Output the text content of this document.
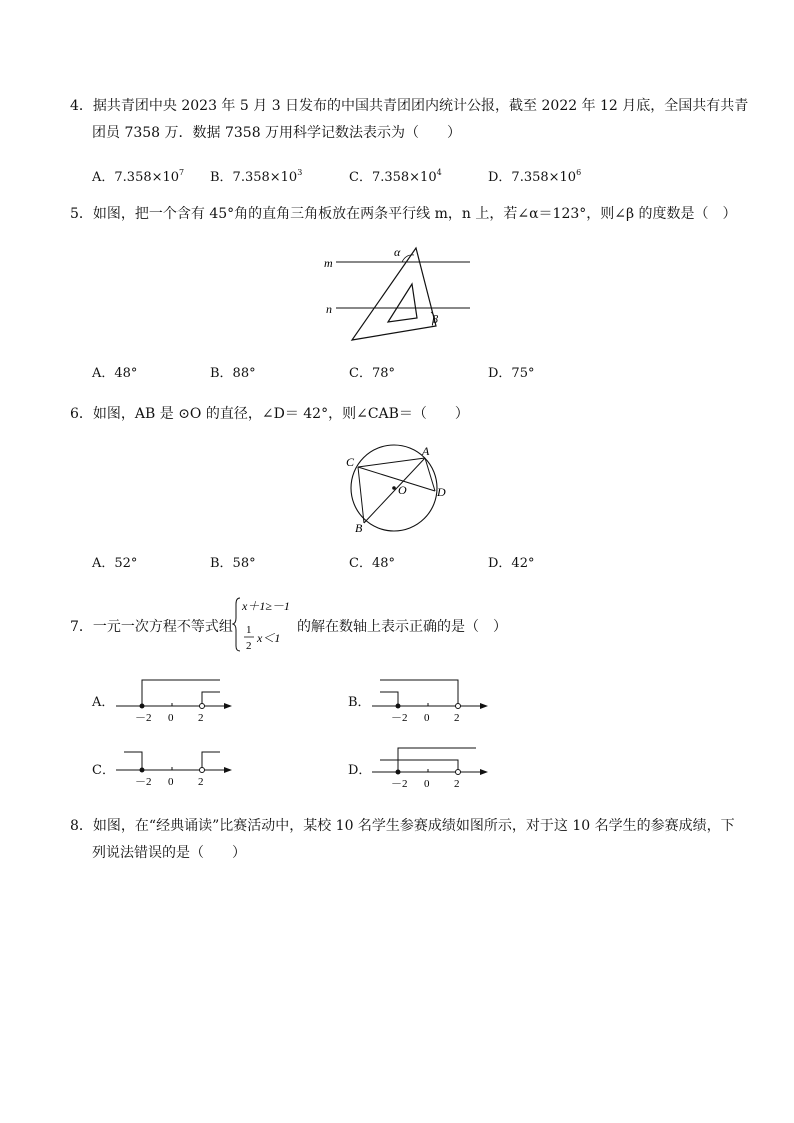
4．据共青团中央 2023 年 5 月 3 日发布的中国共青团团内统计公报，截至 2022 年 12 月底，全国共有共青
团员 7358 万．数据 7358 万用科学记数法表示为（　　）
A．$7.358\times 10^7$ B．$7.358\times 10^3$	C．$7.358\times 10^4$	D．$7.358\times 10^6$
5．如图，把一个含有 45°角的直角三角板放在两条平行线 m，n 上，若∠α＝123°，则∠β 的度数是（　）
m
n
α
β
A．48°	B．88°	C．78°	D．75°
6．如图，AB 是 ⊙O 的直径，∠D＝ 42°，则∠CAB＝（　　）
C
A
D
O
B
A．52°	B．58°	C．48°	D．42°
7．一元一次方程不等式组
x＋1≥－1
1
2
x＜1
的解在数轴上表示正确的是（　）
A．
－2 0 2
B．
－2 0 2
C．
－2 0 2
D．
－2 0 2
8．如图，在“经典诵读”比赛活动中，某校 10 名学生参赛成绩如图所示，对于这 10 名学生的参赛成绩，下
列说法错误的是（　　）
